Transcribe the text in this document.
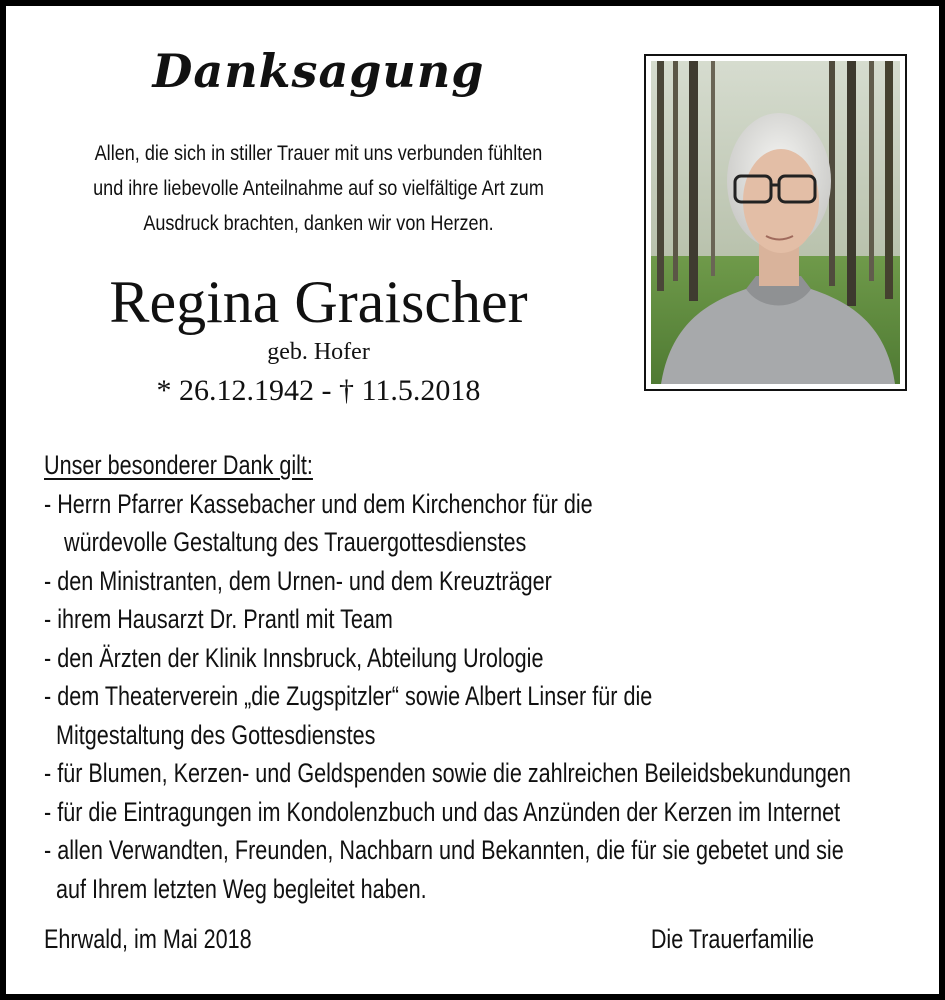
Danksagung
Allen, die sich in stiller Trauer mit uns verbunden fühlten
und ihre liebevolle Anteilnahme auf so vielfältige Art zum
Ausdruck brachten, danken wir von Herzen.
Regina Graischer
geb. Hofer
* 26.12.1942 - † 11.5.2018
Unser besonderer Dank gilt:
- Herrn Pfarrer Kassebacher und dem Kirchenchor für die
würdevolle Gestaltung des Trauergottesdienstes
- den Ministranten, dem Urnen- und dem Kreuzträger
- ihrem Hausarzt Dr. Prantl mit Team
- den Ärzten der Klinik Innsbruck, Abteilung Urologie
- dem Theaterverein „die Zugspitzler“ sowie Albert Linser für die
Mitgestaltung des Gottesdienstes
- für Blumen, Kerzen- und Geldspenden sowie die zahlreichen Beileidsbekundungen
- für die Eintragungen im Kondolenzbuch und das Anzünden der Kerzen im Internet
- allen Verwandten, Freunden, Nachbarn und Bekannten, die für sie gebetet und sie
auf Ihrem letzten Weg begleitet haben.
Ehrwald, im Mai 2018	Die Trauerfamilie
